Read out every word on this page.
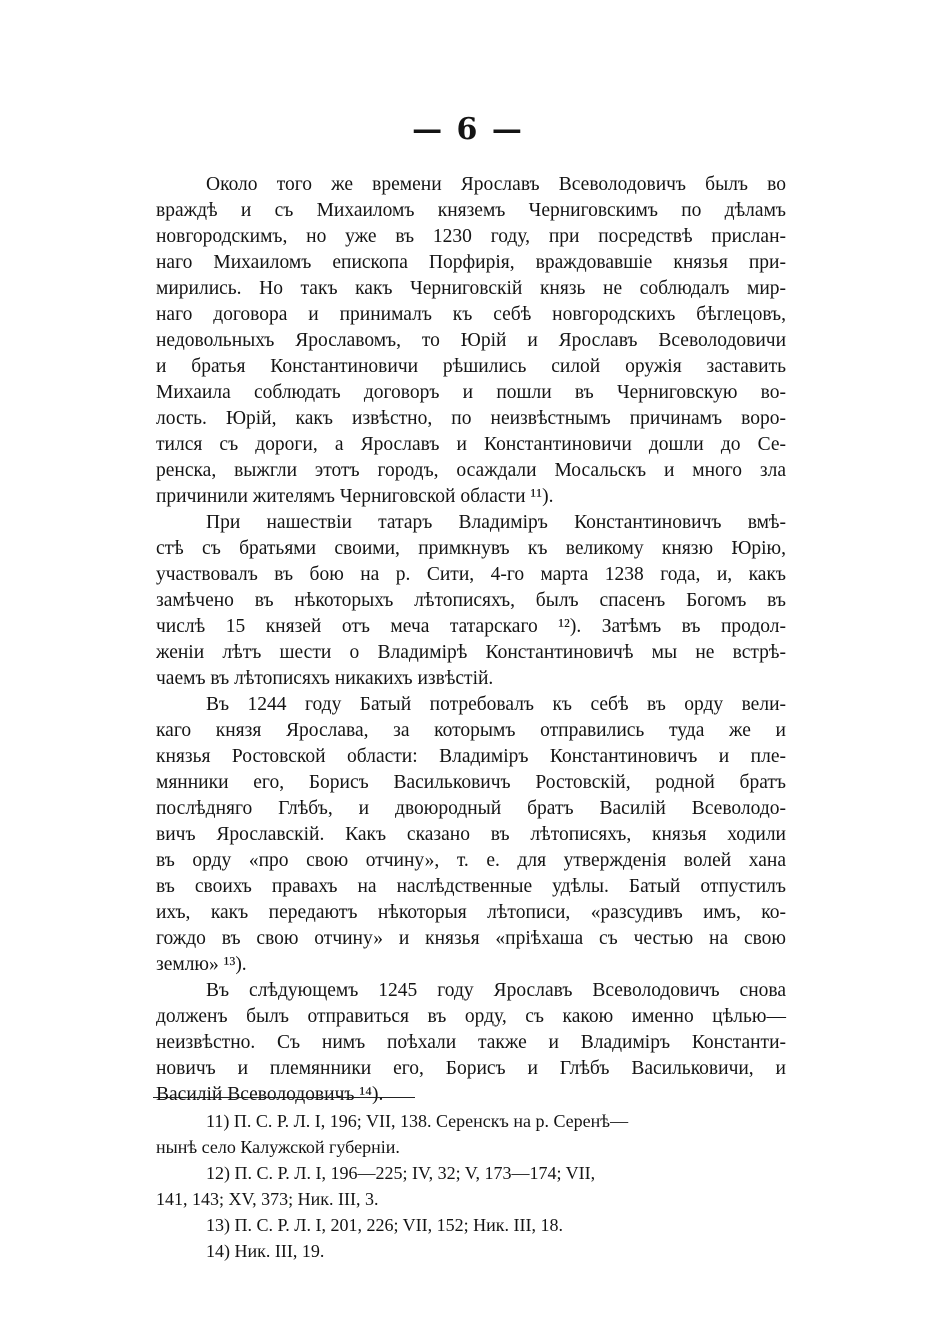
— 6 —
Около того же времени Ярославъ Всеволодовичъ былъ во
враждѣ и съ Михаиломъ княземъ Черниговскимъ по дѣламъ
новгородскимъ, но уже въ 1230 году, при посредствѣ прислан-
наго Михаиломъ епископа Порфирія, враждовавшіе князья при-
мирились. Но такъ какъ Черниговскій князь не соблюдалъ мир-
наго договора и принималъ къ себѣ новгородскихъ бѣглецовъ,
недовольныхъ Ярославомъ, то Юрій и Ярославъ Всеволодовичи
и братья Константиновичи рѣшились силой оружія заставить
Михаила соблюдать договоръ и пошли въ Черниговскую во-
лость. Юрій, какъ извѣстно, по неизвѣстнымъ причинамъ воро-
тился съ дороги, а Ярославъ и Константиновичи дошли до Се-
ренска, выжгли этотъ городъ, осаждали Мосальскъ и много зла
причинили жителямъ Черниговской области ¹¹).
При нашествіи татаръ Владиміръ Константиновичъ вмѣ-
стѣ съ братьями своими, примкнувъ къ великому князю Юрію,
участвовалъ въ бою на р. Сити, 4-го марта 1238 года, и, какъ
замѣчено въ нѣкоторыхъ лѣтописяхъ, былъ спасенъ Богомъ въ
числѣ 15 князей отъ меча татарскаго ¹²). Затѣмъ въ продол-
женіи лѣтъ шести о Владимірѣ Константиновичѣ мы не встрѣ-
чаемъ въ лѣтописяхъ никакихъ извѣстій.
Въ 1244 году Батый потребовалъ къ себѣ въ орду вели-
каго князя Ярослава, за которымъ отправились туда же и
князья Ростовской области: Владиміръ Константиновичъ и пле-
мянники его, Борисъ Васильковичъ Ростовскій, родной братъ
послѣдняго Глѣбъ, и двоюродный братъ Василій Всеволодо-
вичъ Ярославскій. Какъ сказано въ лѣтописяхъ, князья ходили
въ орду «про свою отчину», т. е. для утвержденія волей хана
въ своихъ правахъ на наслѣдственные удѣлы. Батый отпустилъ
ихъ, какъ передаютъ нѣкоторыя лѣтописи, «разсудивъ имъ, ко-
гождо въ свою отчину» и князья «пріѣхаша съ честью на свою
землю» ¹³).
Въ слѣдующемъ 1245 году Ярославъ Всеволодовичъ снова
долженъ былъ отправиться въ орду, съ какою именно цѣлью—
неизвѣстно. Съ нимъ поѣхали также и Владиміръ Константи-
новичъ и племянники его, Борисъ и Глѣбъ Васильковичи, и
Василій Всеволодовичъ ¹⁴).
11) П. С. Р. Л. I, 196; VII, 138. Серенскъ на р. Серенѣ—
нынѣ село Калужской губерніи.
12) П. С. Р. Л. I, 196—225; IV, 32; V, 173—174; VII,
141, 143; XV, 373; Ник. III, 3.
13) П. С. Р. Л. I, 201, 226; VII, 152; Ник. III, 18.
14) Ник. III, 19.
